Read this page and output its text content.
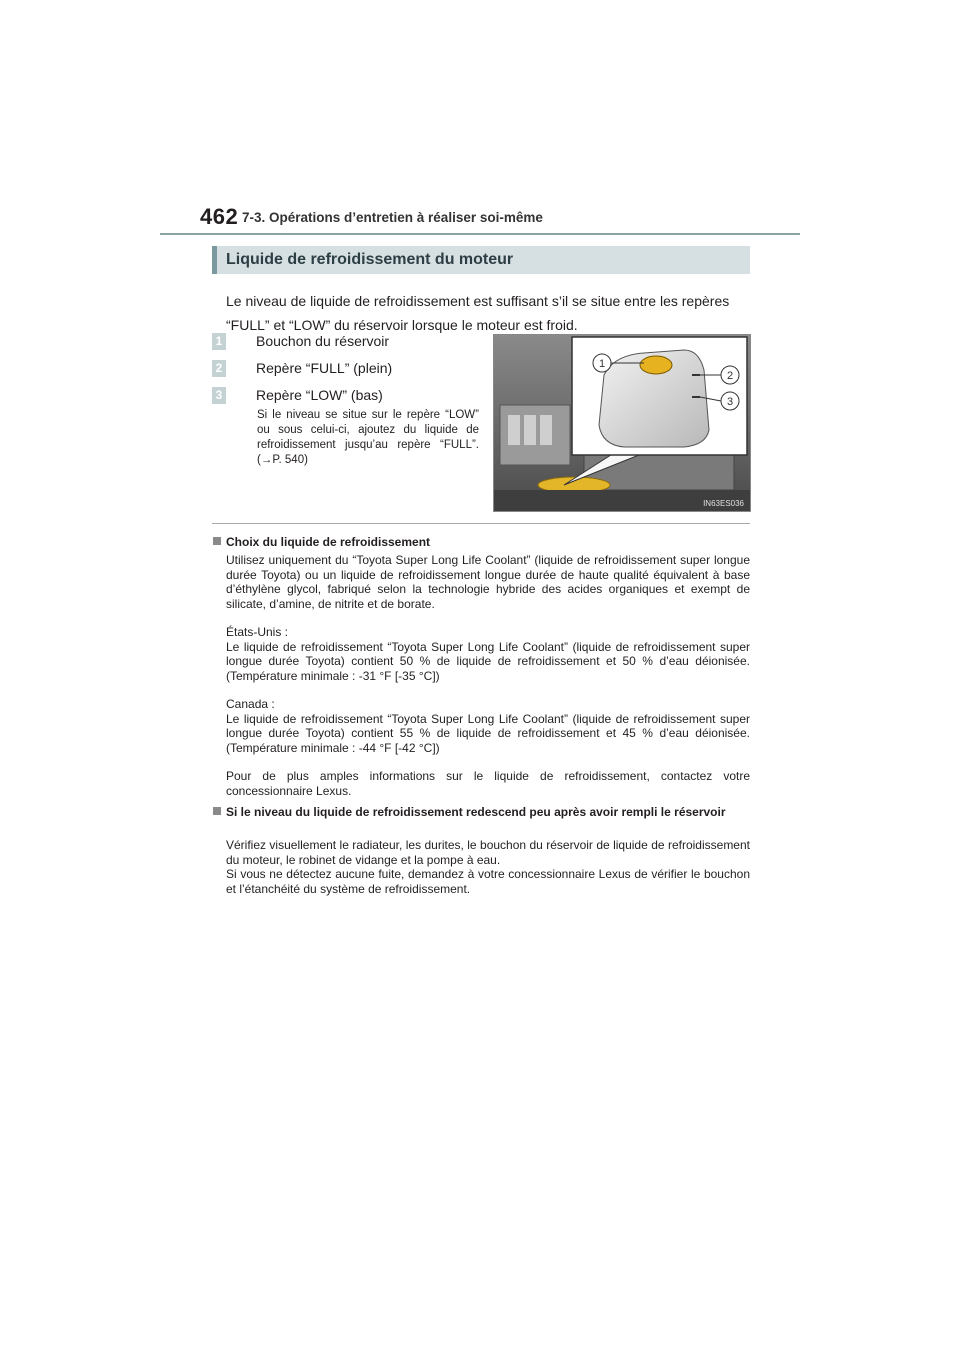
462 7-3. Opérations d’entretien à réaliser soi-même
Liquide de refroidissement du moteur
Le niveau de liquide de refroidissement est suffisant s’il se situe entre les repères “FULL” et “LOW” du réservoir lorsque le moteur est froid.
1 Bouchon du réservoir
2 Repère “FULL” (plein)
3 Repère “LOW” (bas)
Si le niveau se situe sur le repère “LOW” ou sous celui-ci, ajoutez du liquide de refroidissement jusqu’au repère “FULL”. (→P. 540)
1
2
3
IN63ES036
Choix du liquide de refroidissement
Utilisez uniquement du “Toyota Super Long Life Coolant” (liquide de refroidissement super longue durée Toyota) ou un liquide de refroidissement longue durée de haute qualité équivalent à base d’éthylène glycol, fabriqué selon la technologie hybride des acides organiques et exempt de silicate, d’amine, de nitrite et de borate.
États-Unis :
Le liquide de refroidissement “Toyota Super Long Life Coolant” (liquide de refroidissement super longue durée Toyota) contient 50 % de liquide de refroidissement et 50 % d’eau déionisée. (Température minimale : -31 °F [-35 °C])
Canada :
Le liquide de refroidissement “Toyota Super Long Life Coolant” (liquide de refroidissement super longue durée Toyota) contient 55 % de liquide de refroidissement et 45 % d’eau déionisée. (Température minimale : -44 °F [-42 °C])
Pour de plus amples informations sur le liquide de refroidissement, contactez votre concessionnaire Lexus.
Si le niveau du liquide de refroidissement redescend peu après avoir rempli le réservoir
Vérifiez visuellement le radiateur, les durites, le bouchon du réservoir de liquide de refroidissement du moteur, le robinet de vidange et la pompe à eau.
Si vous ne détectez aucune fuite, demandez à votre concessionnaire Lexus de vérifier le bouchon et l’étanchéité du système de refroidissement.
